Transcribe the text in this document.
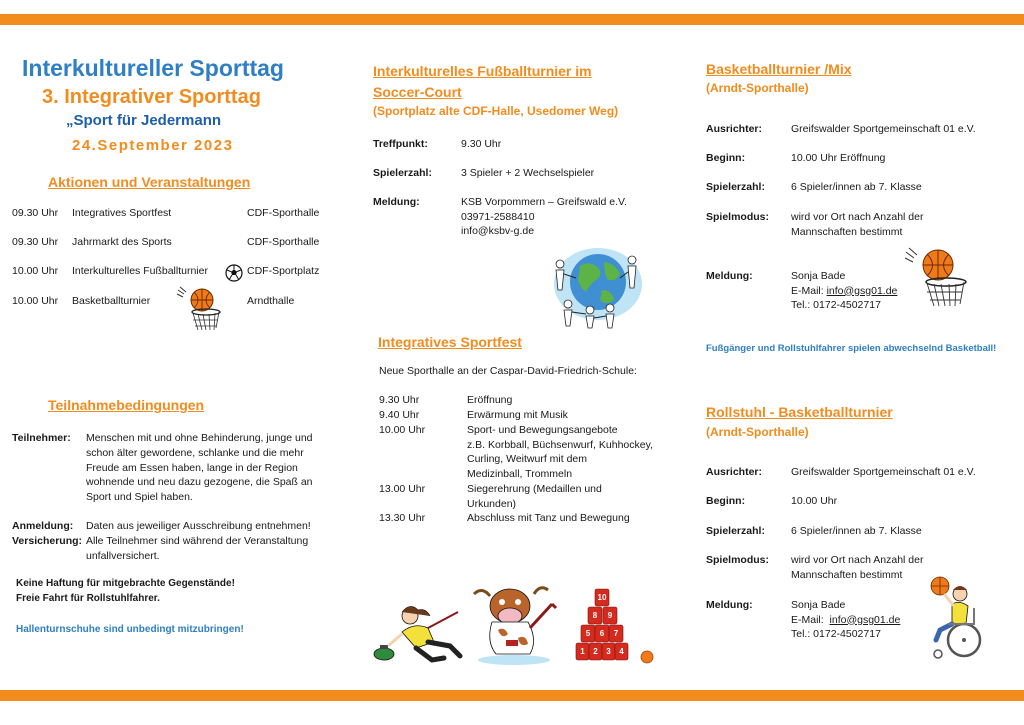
Interkultureller Sporttag
3. Integrativer Sporttag
„Sport für Jedermann
24.September 2023
Aktionen und Veranstaltungen
09.30 Uhr Integratives Sportfest	CDF-Sporthalle
09.30 Uhr Jahrmarkt des Sports	CDF-Sporthalle
10.00 Uhr Interkulturelles Fußballturnier	CDF-Sportplatz
10.00 Uhr Basketballturnier	Arndthalle
Teilnahmebedingungen
Teilnehmer: Menschen mit und ohne Behinderung, junge und
schon älter gewordene, schlanke und die mehr
Freude am Essen haben, lange in der Region
wohnende und neu dazu gezogene, die Spaß an
Sport und Spiel haben.
Anmeldung: Daten aus jeweiliger Ausschreibung entnehmen!
Versicherung: Alle Teilnehmer sind während der Veranstaltung
unfallversichert.
Keine Haftung für mitgebrachte Gegenstände!
Freie Fahrt für Rollstuhlfahrer.
Hallenturnschuhe sind unbedingt mitzubringen!
Interkulturelles Fußballturnier im
Soccer-Court
(Sportplatz alte CDF-Halle, Usedomer Weg)
Treffpunkt:	9.30 Uhr
Spielerzahl:	3 Spieler + 2 Wechselspieler
Meldung:	KSB Vorpommern – Greifswald e.V.
03971-2588410
info@ksbv-g.de
Integratives Sportfest
Neue Sporthalle an der Caspar-David-Friedrich-Schule:
9.30 Uhr	Eröffnung
9.40 Uhr	Erwärmung mit Musik
10.00 Uhr	Sport- und Bewegungsangebote
z.B. Korbball, Büchsenwurf, Kuhhockey,
Curling, Weitwurf mit dem
Medizinball, Trommeln
13.00 Uhr	Siegerehrung (Medaillen und
Urkunden)
13.30 Uhr	Abschluss mit Tanz und Bewegung
10
8 9
5 6 7
1 2 3 4
Basketballturnier /Mix
(Arndt-Sporthalle)
Ausrichter:	Greifswalder Sportgemeinschaft 01 e.V.
Beginn:	10.00 Uhr Eröffnung
Spielerzahl: 6 Spieler/innen ab 7. Klasse
Spielmodus: wird vor Ort nach Anzahl der
Mannschaften bestimmt
Meldung:	Sonja Bade
E-Mail: info@gsg01.de
Tel.: 0172-4502717
Fußgänger und Rollstuhlfahrer spielen abwechselnd Basketball!
Rollstuhl - Basketballturnier
(Arndt-Sporthalle)
Ausrichter:	Greifswalder Sportgemeinschaft 01 e.V.
Beginn:	10.00 Uhr
Spielerzahl: 6 Spieler/innen ab 7. Klasse
Spielmodus: wird vor Ort nach Anzahl der
Mannschaften bestimmt
Meldung:	Sonja Bade
E-Mail: info@gsg01.de
Tel.: 0172-4502717
